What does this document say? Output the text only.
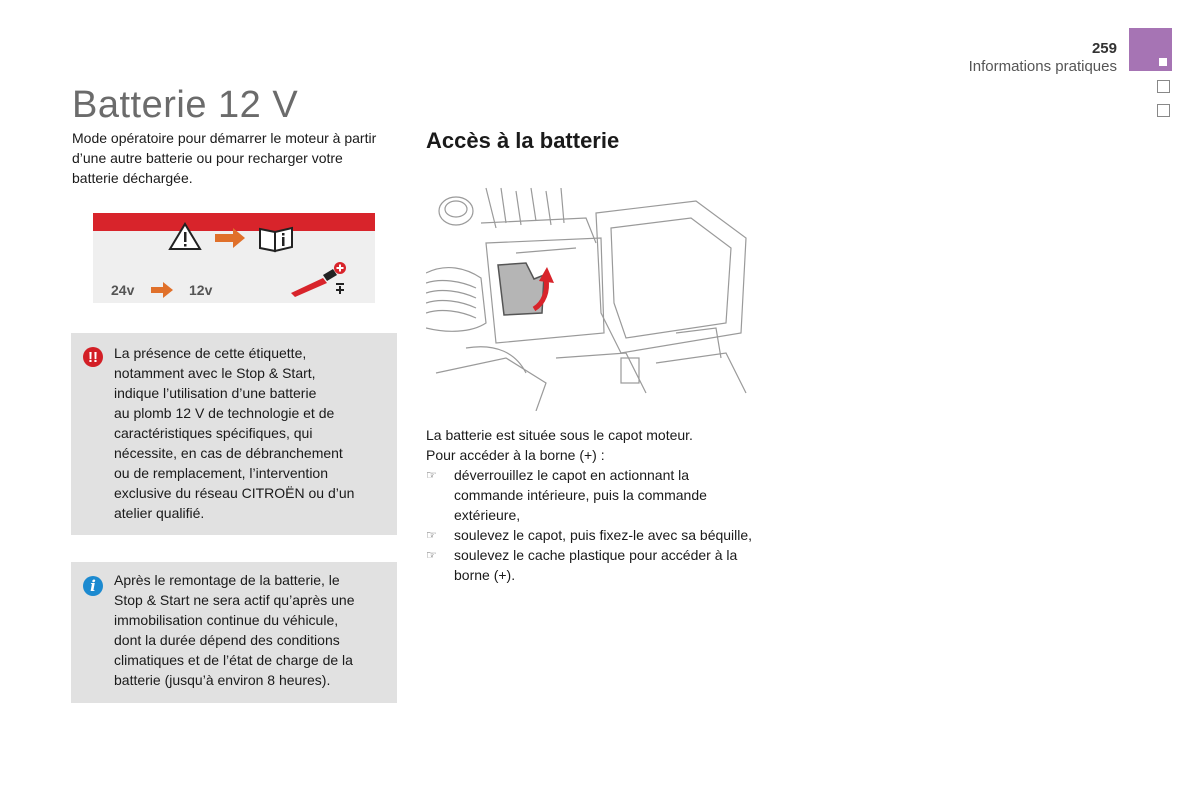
259
Informations pratiques
Batterie 12 V

Mode opératoire pour démarrer le moteur à partir d’une autre batterie ou pour recharger votre batterie déchargée.

24v	12v
!!	La présence de cette étiquette,
notamment avec le Stop & Start,
indique l’utilisation d’une batterie
au plomb 12 V de technologie et de
caractéristiques spécifiques, qui
nécessite, en cas de débranchement
ou de remplacement, l’intervention
exclusive du réseau CITROËN ou d’un
atelier qualifié.
i	Après le remontage de la batterie, le
Stop & Start ne sera actif qu’après une
immobilisation continue du véhicule,
dont la durée dépend des conditions
climatiques et de l’état de charge de la
batterie (jusqu’à environ 8 heures).
Accès à la batterie

La batterie est située sous le capot moteur.

Pour accéder à la borne (+) :

☞ déverrouillez le capot en actionnant la commande intérieure, puis la commande extérieure,
☞ soulevez le capot, puis fixez-le avec sa béquille,
☞ soulevez le cache plastique pour accéder à la borne (+).
